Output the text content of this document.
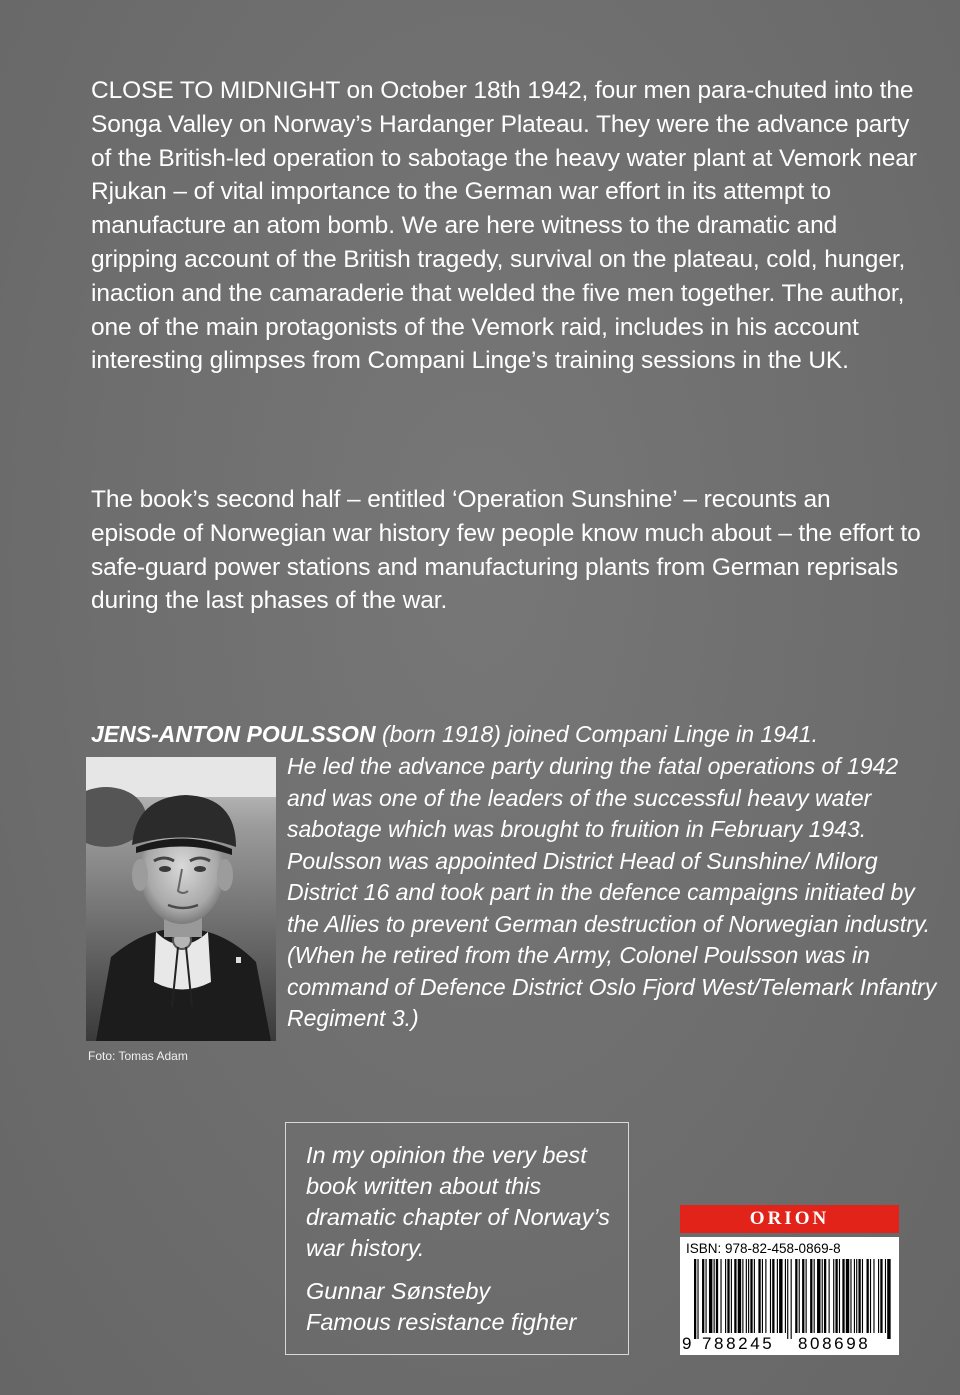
CLOSE TO MIDNIGHT on October 18th 1942, four men para-chuted into the Songa Valley on Norway’s Hardanger Plateau. They were the advance party of the British-led operation to sabotage the heavy water plant at Vemork near Rjukan – of vital importance to the German war effort in its attempt to manufacture an atom bomb. We are here witness to the dramatic and gripping account of the British tragedy, survival on the plateau, cold, hunger, inaction and the camaraderie that welded the five men together. The author, one of the main protagonists of the Vemork raid, includes in his account interesting glimpses from Compani Linge’s training sessions in the UK.

The book’s second half – entitled ‘Operation Sunshine’ – recounts an episode of Norwegian war history few people know much about – the effort to safe-guard power stations and manufacturing plants from German reprisals during the last phases of the war.

JENS-ANTON POULSSON (born 1918) joined Compani Linge in 1941.

He led the advance party during the fatal operations of 1942 and was one of the leaders of the successful heavy water sabotage which was brought to fruition in February 1943.

Poulsson was appointed District Head of Sunshine/ Milorg District 16 and took part in the defence campaigns initiated by the Allies to prevent German destruction of Norwegian industry. (When he retired from the Army, Colonel Poulsson was in command of Defence District Oslo Fjord West/Telemark Infantry Regiment 3.)

Foto: Tomas Adam

In my opinion the very best book written about this dramatic chapter of Norway’s war history.

Gunnar Sønsteby

Famous resistance fighter

ORION
ISBN: 978-82-458-0869-8
9 788245 808698
